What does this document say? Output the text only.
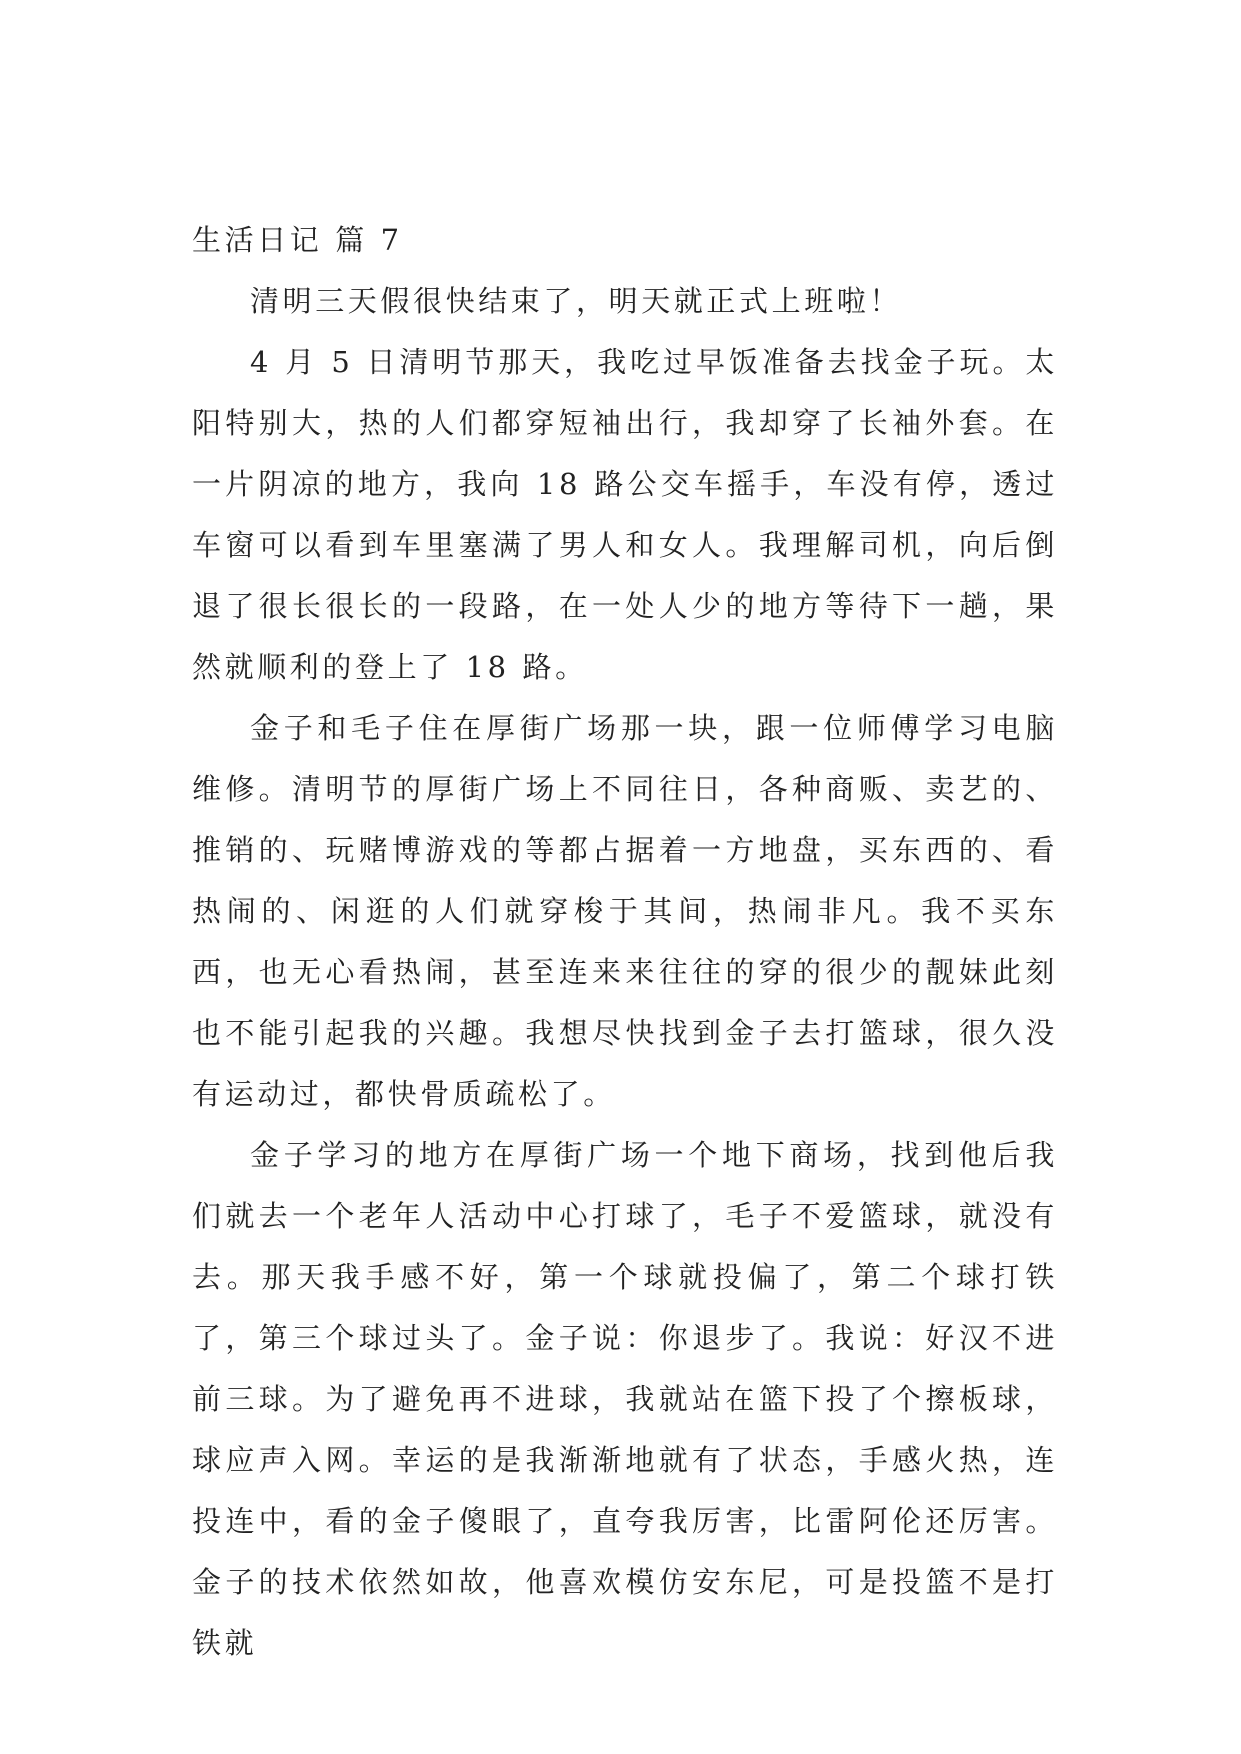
生活日记 篇 7

清明三天假很快结束了，明天就正式上班啦！

4 月 5 日清明节那天，我吃过早饭准备去找金子玩。太阳特别大，热的人们都穿短袖出行，我却穿了长袖外套。在一片阴凉的地方，我向 18 路公交车摇手，车没有停，透过车窗可以看到车里塞满了男人和女人。我理解司机，向后倒退了很长很长的一段路，在一处人少的地方等待下一趟，果然就顺利的登上了 18 路。

金子和毛子住在厚街广场那一块，跟一位师傅学习电脑维修。清明节的厚街广场上不同往日，各种商贩、卖艺的、推销的、玩赌博游戏的等都占据着一方地盘，买东西的、看热闹的、闲逛的人们就穿梭于其间，热闹非凡。我不买东西，也无心看热闹，甚至连来来往往的穿的很少的靓妹此刻也不能引起我的兴趣。我想尽快找到金子去打篮球，很久没有运动过，都快骨质疏松了。

金子学习的地方在厚街广场一个地下商场，找到他后我们就去一个老年人活动中心打球了，毛子不爱篮球，就没有去。那天我手感不好，第一个球就投偏了，第二个球打铁了，第三个球过头了。金子说：你退步了。我说：好汉不进前三球。为了避免再不进球，我就站在篮下投了个擦板球，球应声入网。幸运的是我渐渐地就有了状态，手感火热，连投连中，看的金子傻眼了，直夸我厉害，比雷阿伦还厉害。金子的技术依然如故，他喜欢模仿安东尼，可是投篮不是打铁就
